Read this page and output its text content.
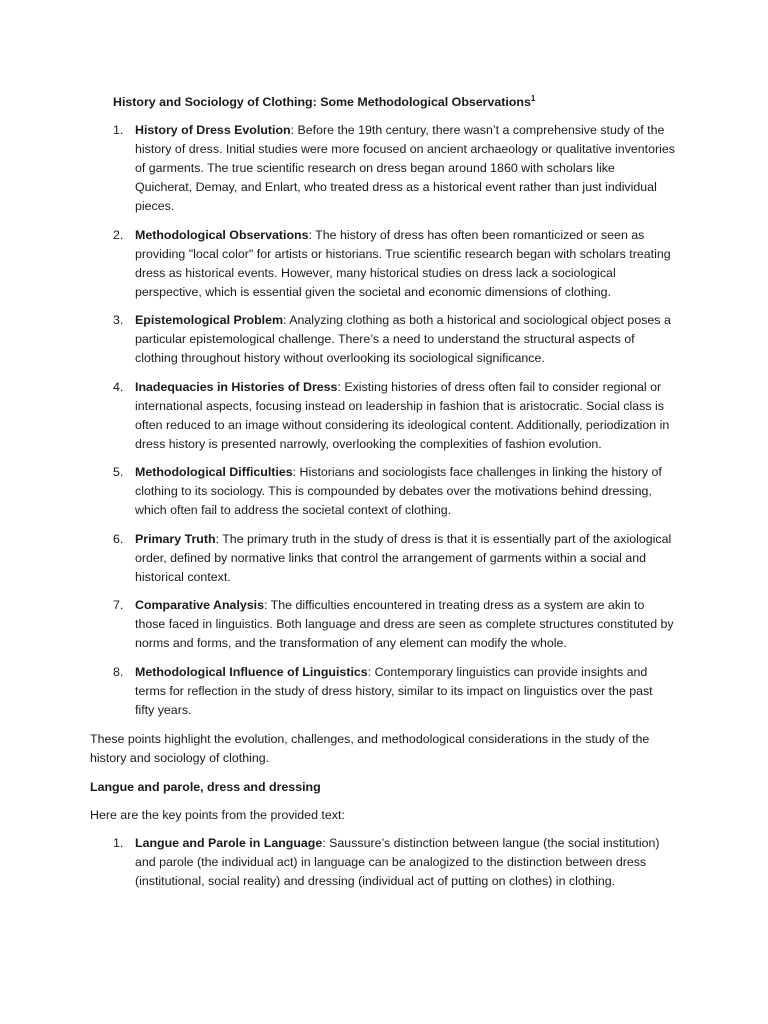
History and Sociology of Clothing: Some Methodological Observations$^1$
1. History of Dress Evolution: Before the 19th century, there wasn’t a comprehensive study of the history of dress. Initial studies were more focused on ancient archaeology or qualitative inventories of garments. The true scientific research on dress began around 1860 with scholars like Quicherat, Demay, and Enlart, who treated dress as a historical event rather than just individual pieces.
2. Methodological Observations: The history of dress has often been romanticized or seen as providing "local color" for artists or historians. True scientific research began with scholars treating dress as historical events. However, many historical studies on dress lack a sociological perspective, which is essential given the societal and economic dimensions of clothing.
3. Epistemological Problem: Analyzing clothing as both a historical and sociological object poses a particular epistemological challenge. There’s a need to understand the structural aspects of clothing throughout history without overlooking its sociological significance.
4. Inadequacies in Histories of Dress: Existing histories of dress often fail to consider regional or international aspects, focusing instead on leadership in fashion that is aristocratic. Social class is often reduced to an image without considering its ideological content. Additionally, periodization in dress history is presented narrowly, overlooking the complexities of fashion evolution.
5. Methodological Difficulties: Historians and sociologists face challenges in linking the history of clothing to its sociology. This is compounded by debates over the motivations behind dressing, which often fail to address the societal context of clothing.
6. Primary Truth: The primary truth in the study of dress is that it is essentially part of the axiological order, defined by normative links that control the arrangement of garments within a social and historical context.
7. Comparative Analysis: The difficulties encountered in treating dress as a system are akin to those faced in linguistics. Both language and dress are seen as complete structures constituted by norms and forms, and the transformation of any element can modify the whole.
8. Methodological Influence of Linguistics: Contemporary linguistics can provide insights and terms for reflection in the study of dress history, similar to its impact on linguistics over the past fifty years.

These points highlight the evolution, challenges, and methodological considerations in the study of the history and sociology of clothing.

Langue and parole, dress and dressing

Here are the key points from the provided text:

1. Langue and Parole in Language: Saussure’s distinction between langue (the social institution) and parole (the individual act) in language can be analogized to the distinction between dress (institutional, social reality) and dressing (individual act of putting on clothes) in clothing.
